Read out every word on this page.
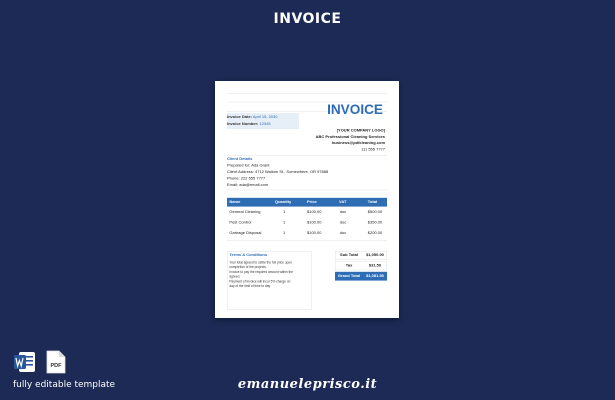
INVOICE
INVOICE
Invoice Date: April 15, 2030
Invoice Number: 12345
[YOUR COMPANY LOGO]
ABC Professional Cleaning Services
business@pdfcleaning.com
111 555 7777
Client Details
Prepared for: Ada Grant
Client Address: 4712 Wallum St., Somewhere, OR 97888
Phone: 222 555 7777
Email: ada@email.com
Name	Quantity Price VAT Total
General Cleaning 1 $100.00 doc $500.00
Pest Control	1 $100.00 doc $350.00
Garbage Disposal 1 $100.00 doc $200.00
Terms & Conditions
Your total agreed to settle the full price upon
completion of the projects.
Invoice to pay the required amount within the
agreed.
Payment of Invoice will incur 5% charge on
day of the limit of time to day.
Sub Total $1,050.00
Tax	$31.50
Grand Total $1,081.50
PDF
fully editable template	emanueleprisco.it
